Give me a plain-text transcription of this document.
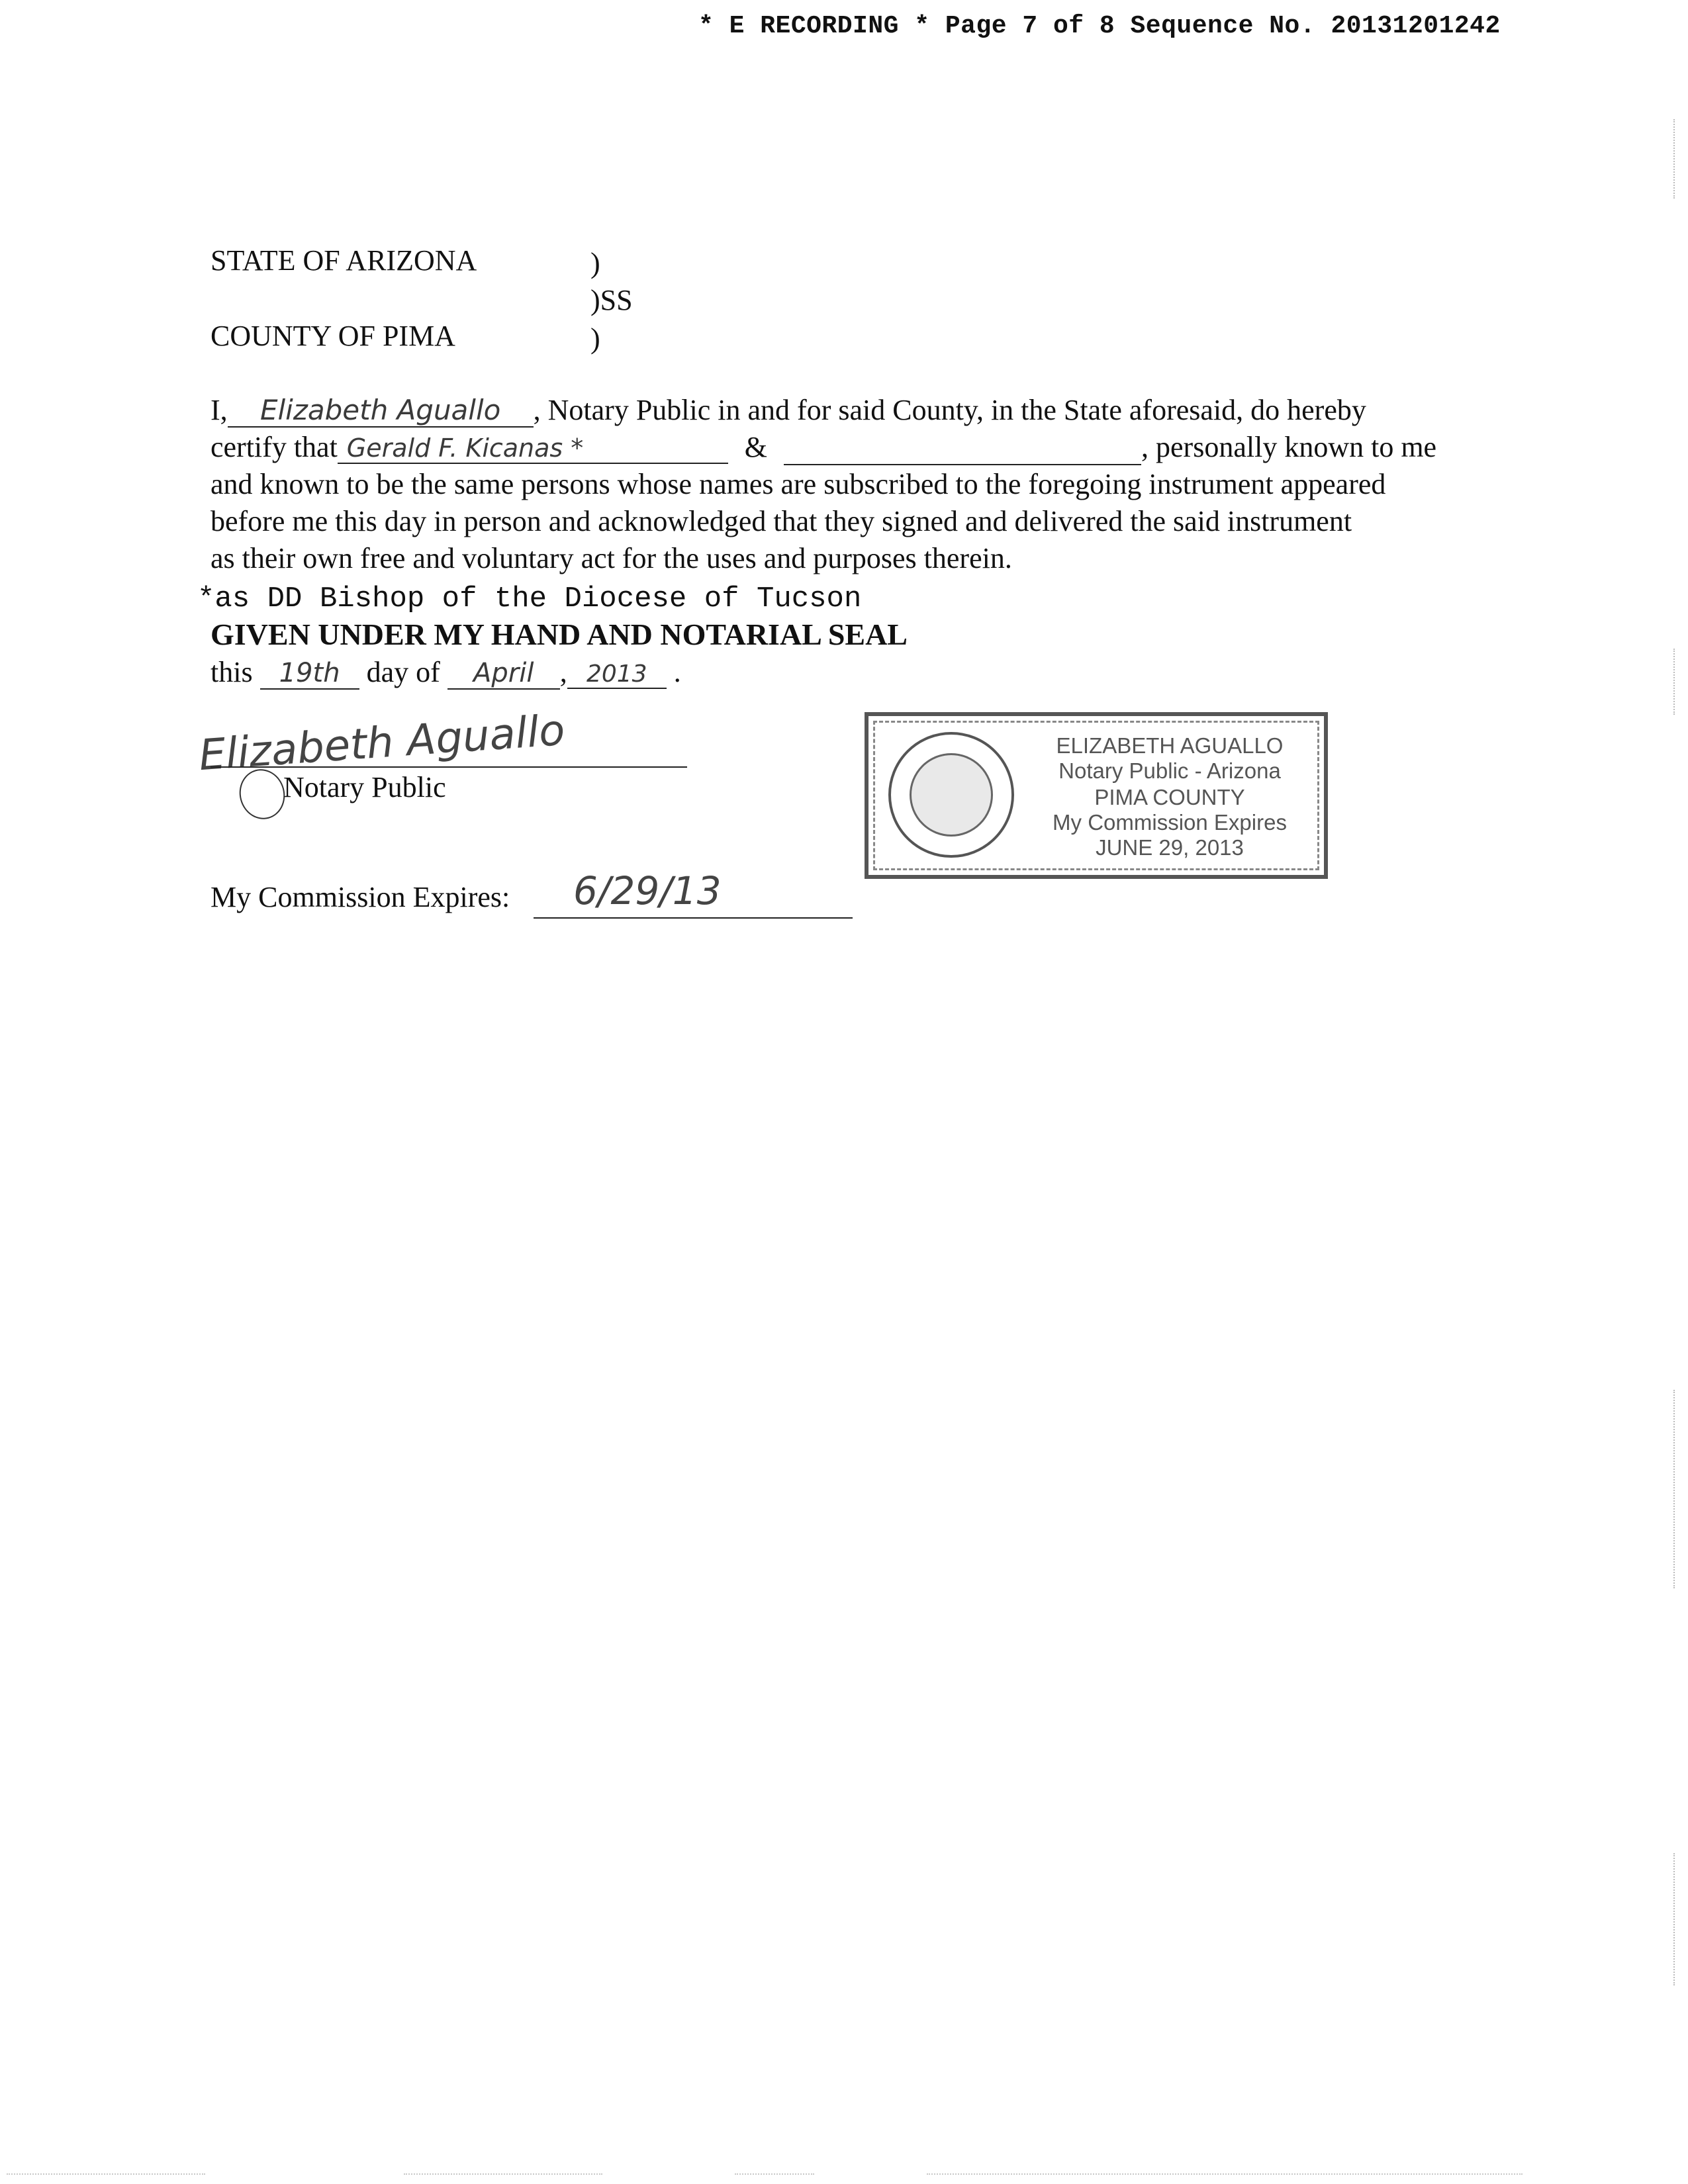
* E RECORDING * Page 7 of 8 Sequence No. 20131201242
STATE OF ARIZONA	)
)SS
COUNTY OF PIMA	)
I, Elizabeth Aguallo , Notary Public in and for said County, in the State aforesaid, do hereby
certify that Gerald F. Kicanas *	&	, personally known to me
and known to be the same persons whose names are subscribed to the foregoing instrument appeared
before me this day in person and acknowledged that they signed and delivered the said instrument
as their own free and voluntary act for the uses and purposes therein.
*as DD Bishop of the Diocese of Tucson
GIVEN UNDER MY HAND AND NOTARIAL SEAL
this 19th day of April , 2013 .
Elizabeth Aguallo
Notary Public
My Commission Expires: 6/29/13
ELIZABETH AGUALLO
Notary Public - Arizona
PIMA COUNTY
My Commission Expires
JUNE 29, 2013
